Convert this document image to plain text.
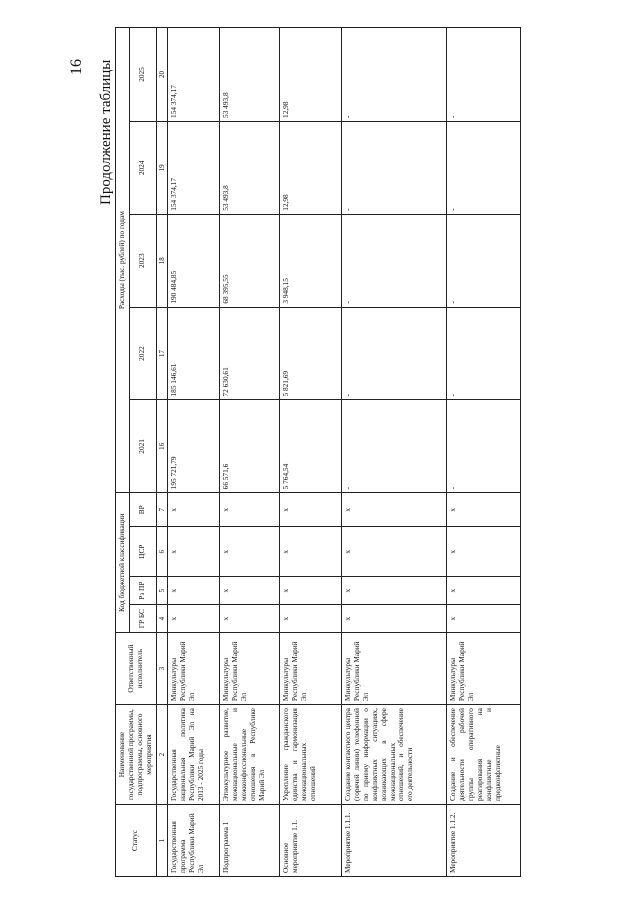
16 Продолжение таблицы
Статус	Наименование государственной программы, подпрограммы, основного мероприятия	Ответственный исполнитель	Код бюджетной классификации				Расходы (тыс. рублей) по годам				
			ГР БС	Рз ПР	ЦСР	ВР	2021	2022	2023	2024	2025

1	2	3	4	5	6	7	16	17	18	19	20
Государственная программа Республики Марий Эл	Государственная национальная политика Республики Марий Эл на 2013 - 2025 годы	Минкультуры Республики Марий Эл	х	х	х	х	195 721,79	185 146,61	190 484,85	154 374,17	154 374,17
Подпрограмма 1	Этнокультурное развитие, межнациональные и межконфессиональные отношения в Республике Марий Эл	Минкультуры Республики Марий Эл	х	х	х	х	66 571,6	72 630,61	68 395,55	53 493,8	53 493,8
Основное мероприятие 1.1.	Укрепление гражданского единства и гармонизация межнациональных отношений	Минкультуры Республики Марий Эл	х	х	х	х	5 764,54	5 821,69	3 948,15	12,98	12,98
Мероприятие 1.1.1.	Создание контактного центра (горячей линии) телефонной по приему информации о конфликтных ситуациях, возникающих в сфере межнациональных отношений, и обеспечение его деятельности	Минкультуры Республики Марий Эл	х	х	х	х	-	-	-	-	-
Мероприятие 1.1.2.	Создание и обеспечение деятельности рабочей группы оперативного реагирования на конфликтные и предконфликтные	Минкультуры Республики Марий Эл	х	х	х	х	-	-	-	-	-
